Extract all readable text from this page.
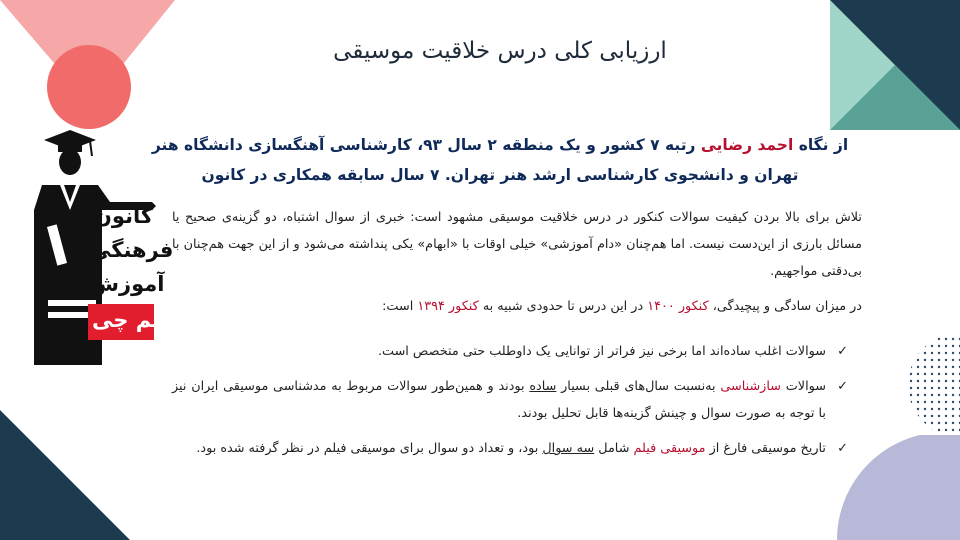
کانون
فرهنگی
آموزش
قلم چی
ارزیابی کلی درس خلاقیت موسیقی
از نگاه احمد رضایی رتبه ۷ کشور و یک منطقه ۲ سال ۹۳، کارشناسی آهنگسازی دانشگاه هنر تهران و دانشجوی کارشناسی ارشد هنر تهران. ۷ سال سابقه همکاری در کانون

تلاش برای بالا بردن کیفیت سوالات کنکور در درس خلاقیت موسیقی مشهود است: خبری از سوال اشتباه، دو گزینه‌ی صحیح یا مسائل بارزی از این‌دست نیست. اما هم‌چنان «دام آموزشی» خیلی اوقات با «ابهام» یکی پنداشته می‌شود و از این جهت هم‌چنان با بی‌دقتی مواجهیم.

در میزان سادگی و پیچیدگی، کنکور ۱۴۰۰ در این درس تا حدودی شبیه به کنکور ۱۳۹۴ است:

✓
سوالات اغلب ساده‌اند اما برخی نیز فراتر از توانایی یک داوطلب حتی متخصص است.
✓
سوالات سازشناسی به‌نسبت سال‌های قبلی بسیار ساده بودند و همین‌طور سوالات مربوط به مدشناسی موسیقی ایران نیز با توجه به صورت سوال و چینش گزینه‌ها قابل تحلیل بودند.
✓
تاریخ موسیقی فارغ از موسیقی فیلم شامل سه سوال بود، و تعداد دو سوال برای موسیقی فیلم در نظر گرفته شده بود.
